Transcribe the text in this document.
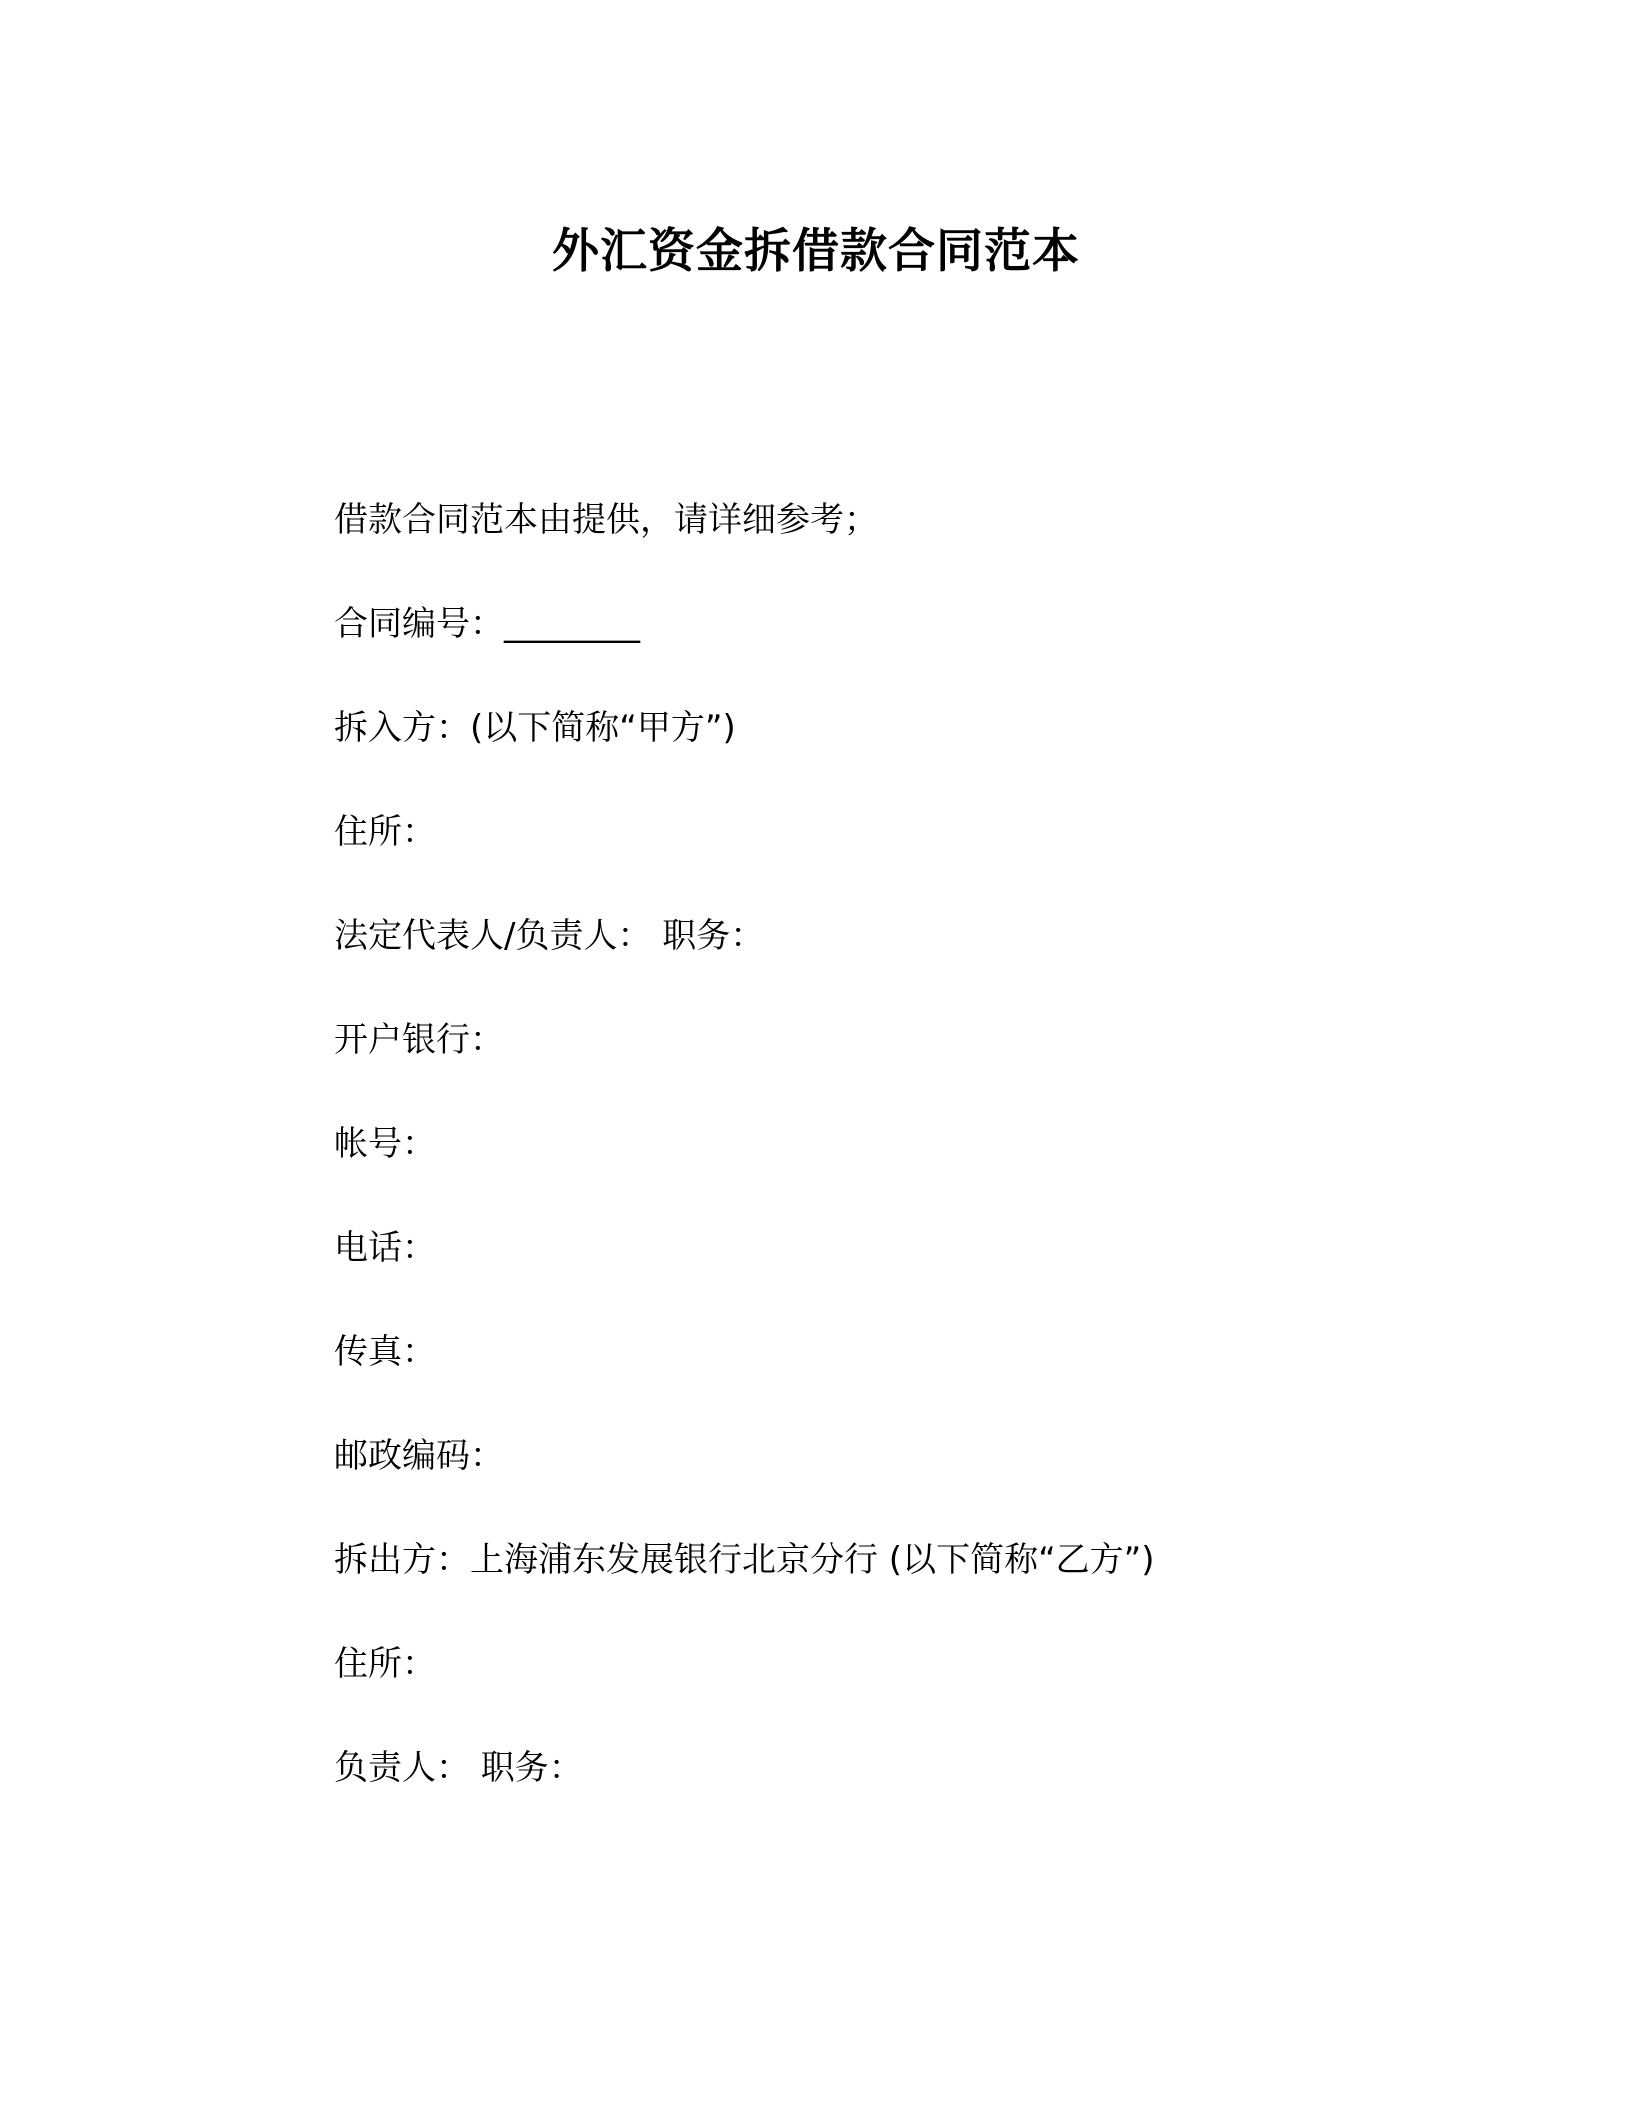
外汇资金拆借款合同范本
借款合同范本由提供，请详细参考；
合同编号：________
拆入方：(以下简称“甲方”)
住所：
法定代表人/负责人： 职务：
开户银行：
帐号：
电话：
传真：
邮政编码：
拆出方：上海浦东发展银行北京分行 (以下简称“乙方”)
住所：
负责人： 职务：
